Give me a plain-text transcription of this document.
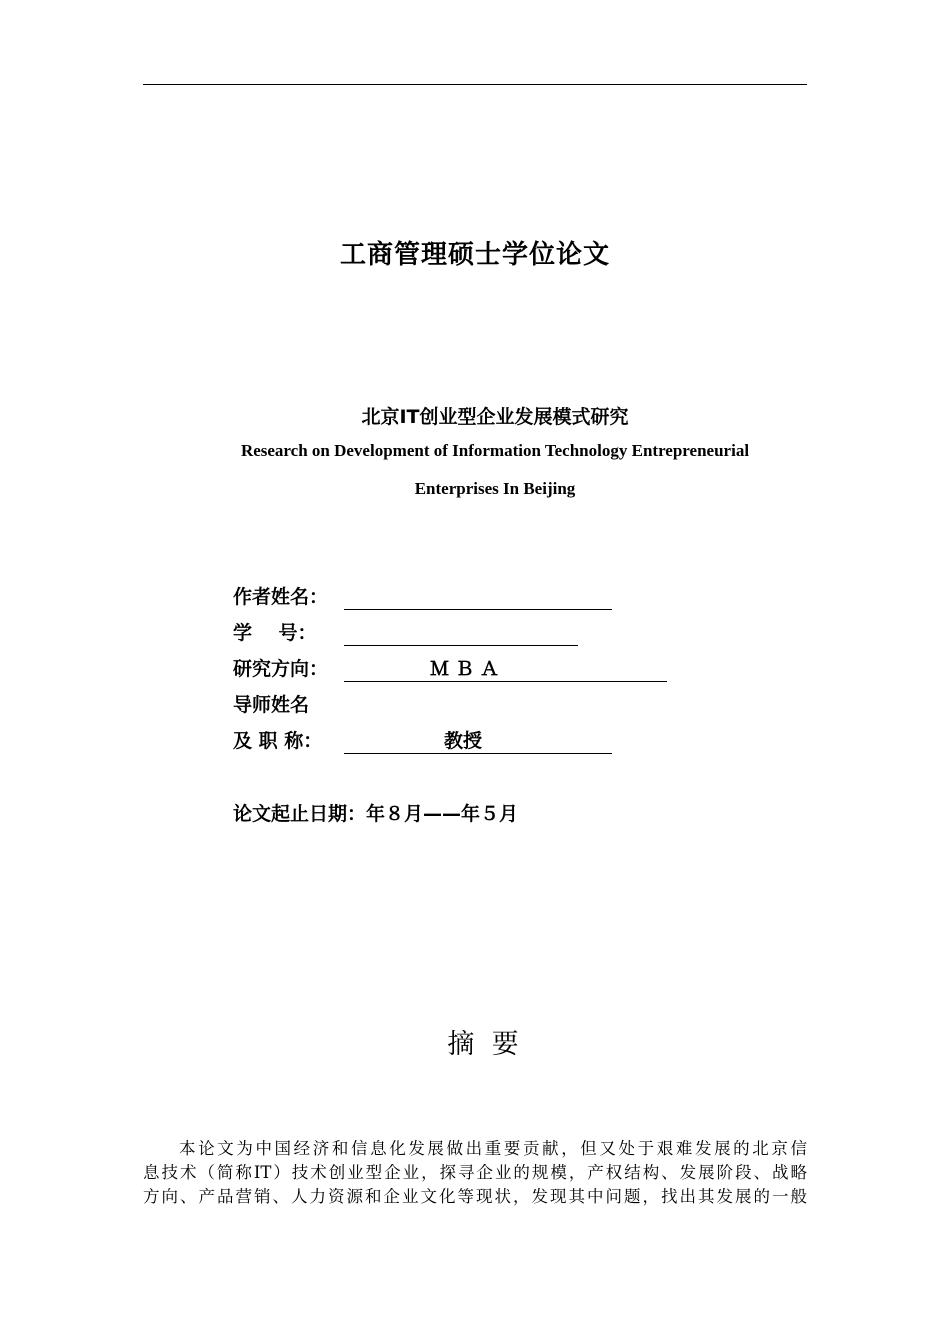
工商管理硕士学位论文
北京IT创业型企业发展模式研究
Research on Development of Information Technology Entrepreneurial
Enterprises In Beijing
作者姓名：
学    号：
研究方向：	ＭＢＡ
导师姓名
及 职 称：	教授
论文起止日期：年８月——年５月
摘  要
本论文为中国经济和信息化发展做出重要贡献，但又处于艰难发展的北京信
息技术（简称IT）技术创业型企业，探寻企业的规模，产权结构、发展阶段、战略
方向、产品营销、人力资源和企业文化等现状，发现其中问题，找出其发展的一般
